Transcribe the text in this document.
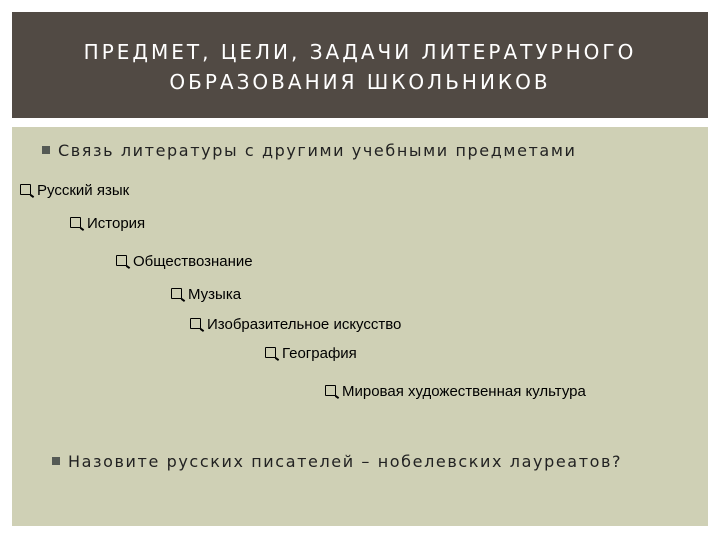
ПРЕДМЕТ, ЦЕЛИ, ЗАДАЧИ ЛИТЕРАТУРНОГО
ОБРАЗОВАНИЯ ШКОЛЬНИКОВ
Связь литературы с другими учебными предметами
Русский язык
История
Обществознание
Музыка
Изобразительное искусство
География
Мировая художественная культура
Назовите русских писателей – нобелевских лауреатов?
